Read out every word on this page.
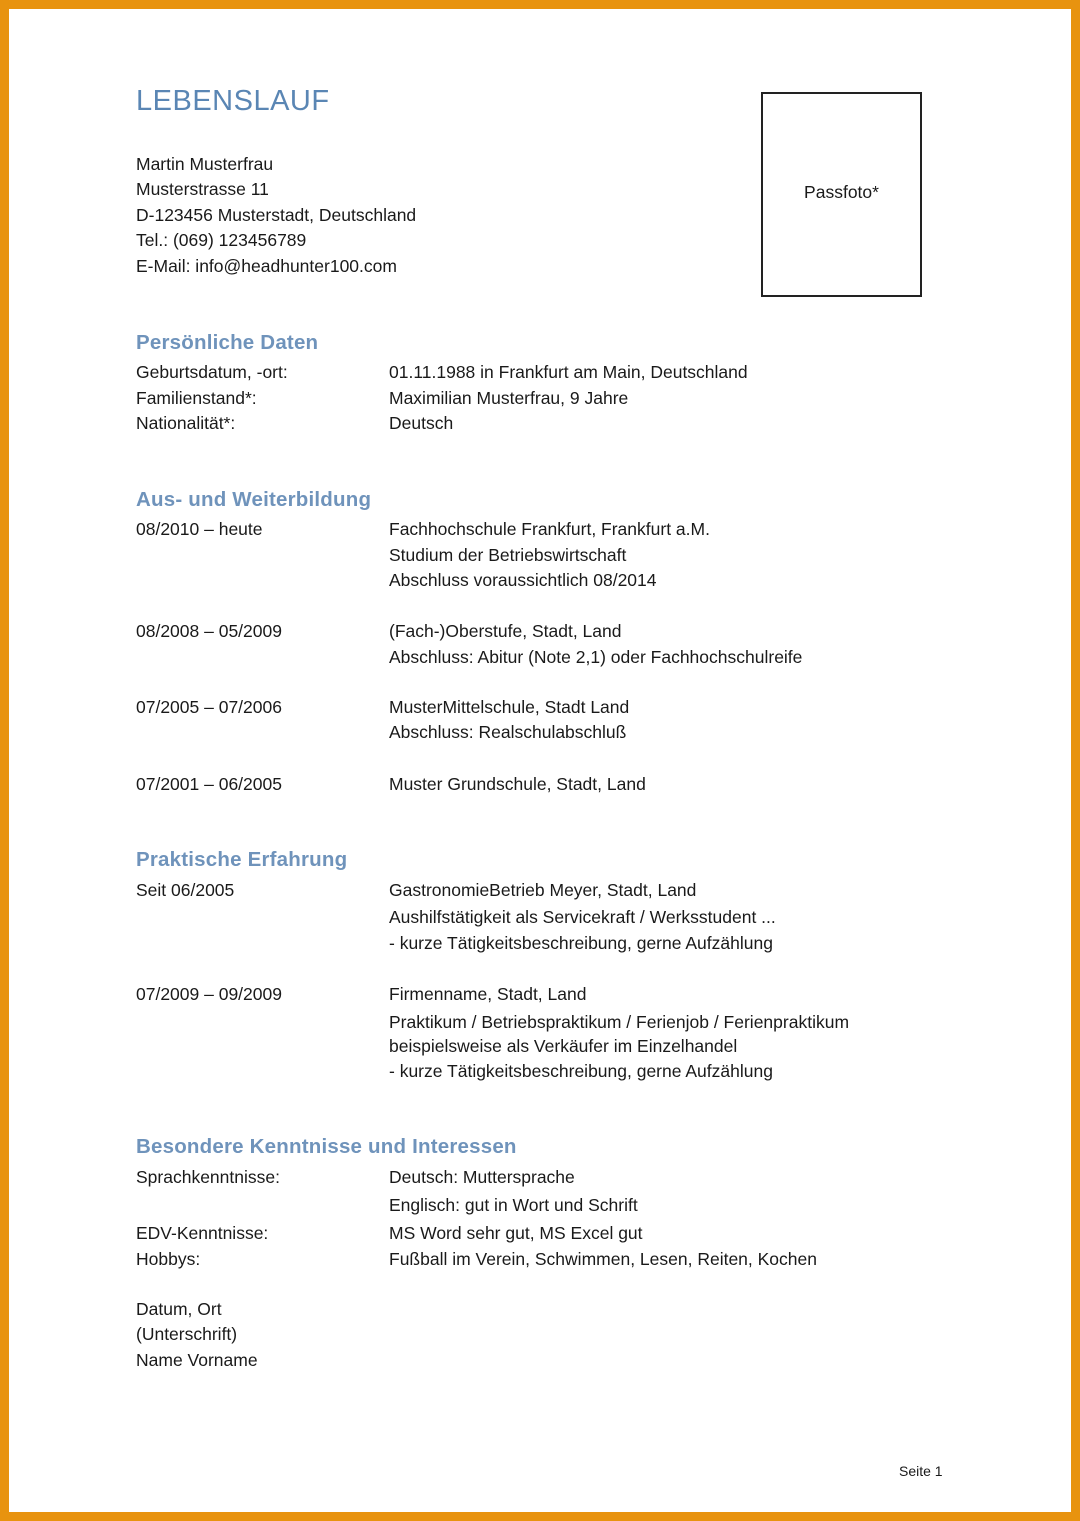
LEBENSLAUF
Martin Musterfrau
Musterstrasse 11
D-123456 Musterstadt, Deutschland
Tel.: (069) 123456789
E-Mail: info@headhunter100.com
Passfoto*
Persönliche Daten
Geburtsdatum, -ort:	01.11.1988 in Frankfurt am Main, Deutschland
Familienstand*:	Maximilian Musterfrau, 9 Jahre
Nationalität*:	Deutsch
Aus- und Weiterbildung
08/2010 – heute	Fachhochschule Frankfurt, Frankfurt a.M.
Studium der Betriebswirtschaft
Abschluss voraussichtlich 08/2014
08/2008 – 05/2009	(Fach-)Oberstufe, Stadt, Land
Abschluss: Abitur (Note 2,1) oder Fachhochschulreife
07/2005 – 07/2006	MusterMittelschule, Stadt Land
Abschluss: Realschulabschluß
07/2001 – 06/2005	Muster Grundschule, Stadt, Land
Praktische Erfahrung
Seit 06/2005	GastronomieBetrieb Meyer, Stadt, Land
Aushilfstätigkeit als Servicekraft / Werksstudent ...
- kurze Tätigkeitsbeschreibung, gerne Aufzählung
07/2009 – 09/2009	Firmenname, Stadt, Land
Praktikum / Betriebspraktikum / Ferienjob / Ferienpraktikum
beispielsweise als Verkäufer im Einzelhandel
- kurze Tätigkeitsbeschreibung, gerne Aufzählung
Besondere Kenntnisse und Interessen
Sprachkenntnisse:	Deutsch: Muttersprache
Englisch: gut in Wort und Schrift
EDV-Kenntnisse:	MS Word sehr gut, MS Excel gut
Hobbys:	Fußball im Verein, Schwimmen, Lesen, Reiten, Kochen
Datum, Ort
(Unterschrift)
Name Vorname
Seite 1
